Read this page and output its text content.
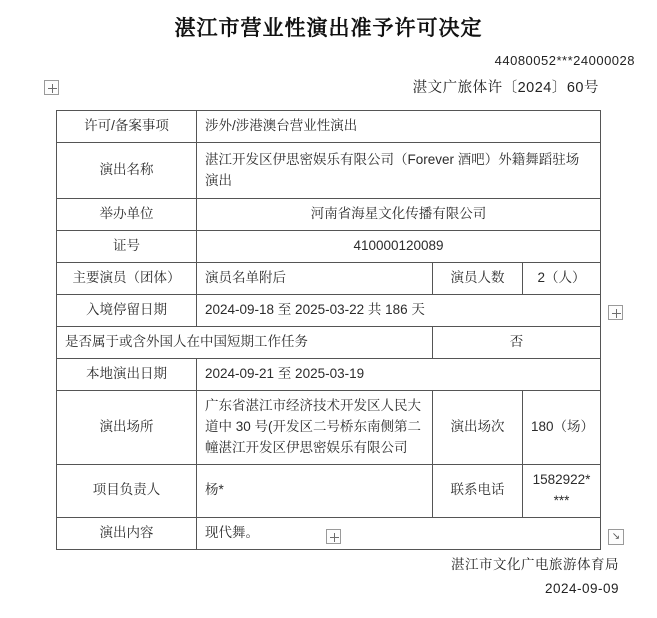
湛江市营业性演出准予许可决定
44080052***24000028
湛文广旅体许〔2024〕60号
许可/备案事项	涉外/涉港澳台营业性演出		
演出名称	湛江开发区伊思密娱乐有限公司（Forever 酒吧）外籍舞蹈驻场演出		
举办单位	河南省海星文化传播有限公司		
证号	410000120089		
主要演员（团体）	演员名单附后	演员人数	2（人）
入境停留日期	2024-09-18 至 2025-03-22 共 186 天		
是否属于或含外国人在中国短期工作任务		否	
本地演出日期	2024-09-21 至 2025-03-19		
演出场所	广东省湛江市经济技术开发区人民大道中 30 号(开发区二号桥东南侧第二幢湛江开发区伊思密娱乐有限公司	演出场次	180（场）
项目负责人	杨*	联系电话	1582922****
演出内容	现代舞。			↘
湛江市文化广电旅游体育局
2024-09-09
